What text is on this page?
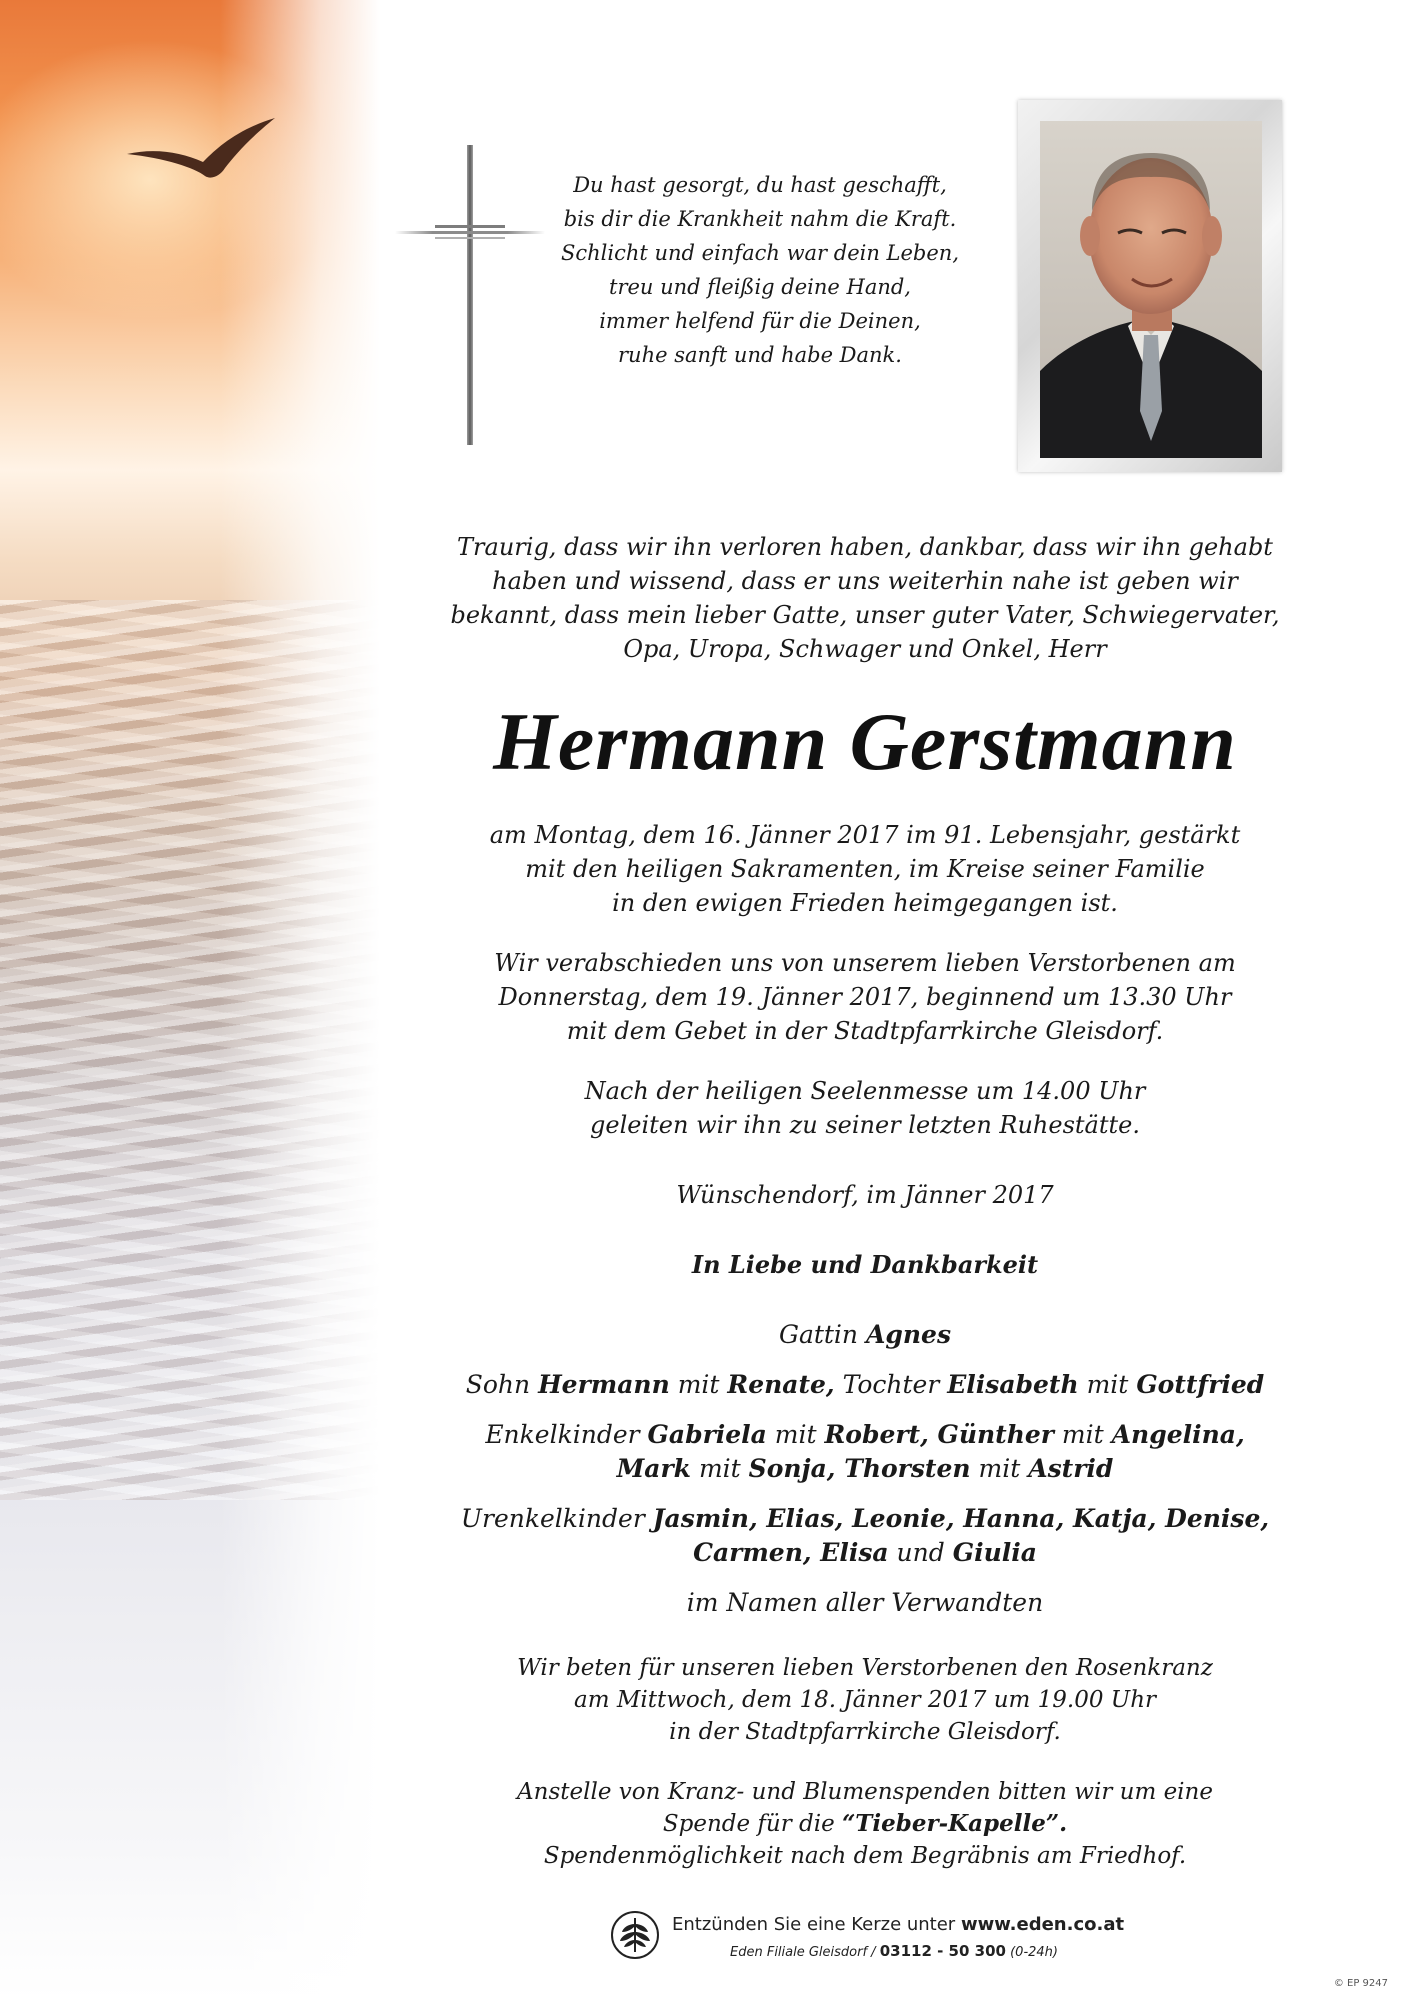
Du hast gesorgt, du hast geschafft,
bis dir die Krankheit nahm die Kraft.
Schlicht und einfach war dein Leben,
treu und fleißig deine Hand,
immer helfend für die Deinen,
ruhe sanft und habe Dank.
Traurig, dass wir ihn verloren haben, dankbar, dass wir ihn gehabt
haben und wissend, dass er uns weiterhin nahe ist geben wir
bekannt, dass mein lieber Gatte, unser guter Vater, Schwiegervater,
Opa, Uropa, Schwager und Onkel, Herr
Hermann Gerstmann
am Montag, dem 16. Jänner 2017 im 91. Lebensjahr, gestärkt
mit den heiligen Sakramenten, im Kreise seiner Familie
in den ewigen Frieden heimgegangen ist.
Wir verabschieden uns von unserem lieben Verstorbenen am
Donnerstag, dem 19. Jänner 2017, beginnend um 13.30 Uhr
mit dem Gebet in der Stadtpfarrkirche Gleisdorf.
Nach der heiligen Seelenmesse um 14.00 Uhr
geleiten wir ihn zu seiner letzten Ruhestätte.
Wünschendorf, im Jänner 2017
In Liebe und Dankbarkeit
Gattin Agnes
Sohn Hermann mit Renate, Tochter Elisabeth mit Gottfried
Enkelkinder Gabriela mit Robert, Günther mit Angelina,
Mark mit Sonja, Thorsten mit Astrid
Urenkelkinder Jasmin, Elias, Leonie, Hanna, Katja, Denise,
Carmen, Elisa und Giulia
im Namen aller Verwandten
Wir beten für unseren lieben Verstorbenen den Rosenkranz
am Mittwoch, dem 18. Jänner 2017 um 19.00 Uhr
in der Stadtpfarrkirche Gleisdorf.
Anstelle von Kranz- und Blumenspenden bitten wir um eine
Spende für die “Tieber-Kapelle”.
Spendenmöglichkeit nach dem Begräbnis am Friedhof.
Entzünden Sie eine Kerze unter www.eden.co.at
Eden Filiale Gleisdorf / 03112 - 50 300 (0-24h)
© EP 9247
